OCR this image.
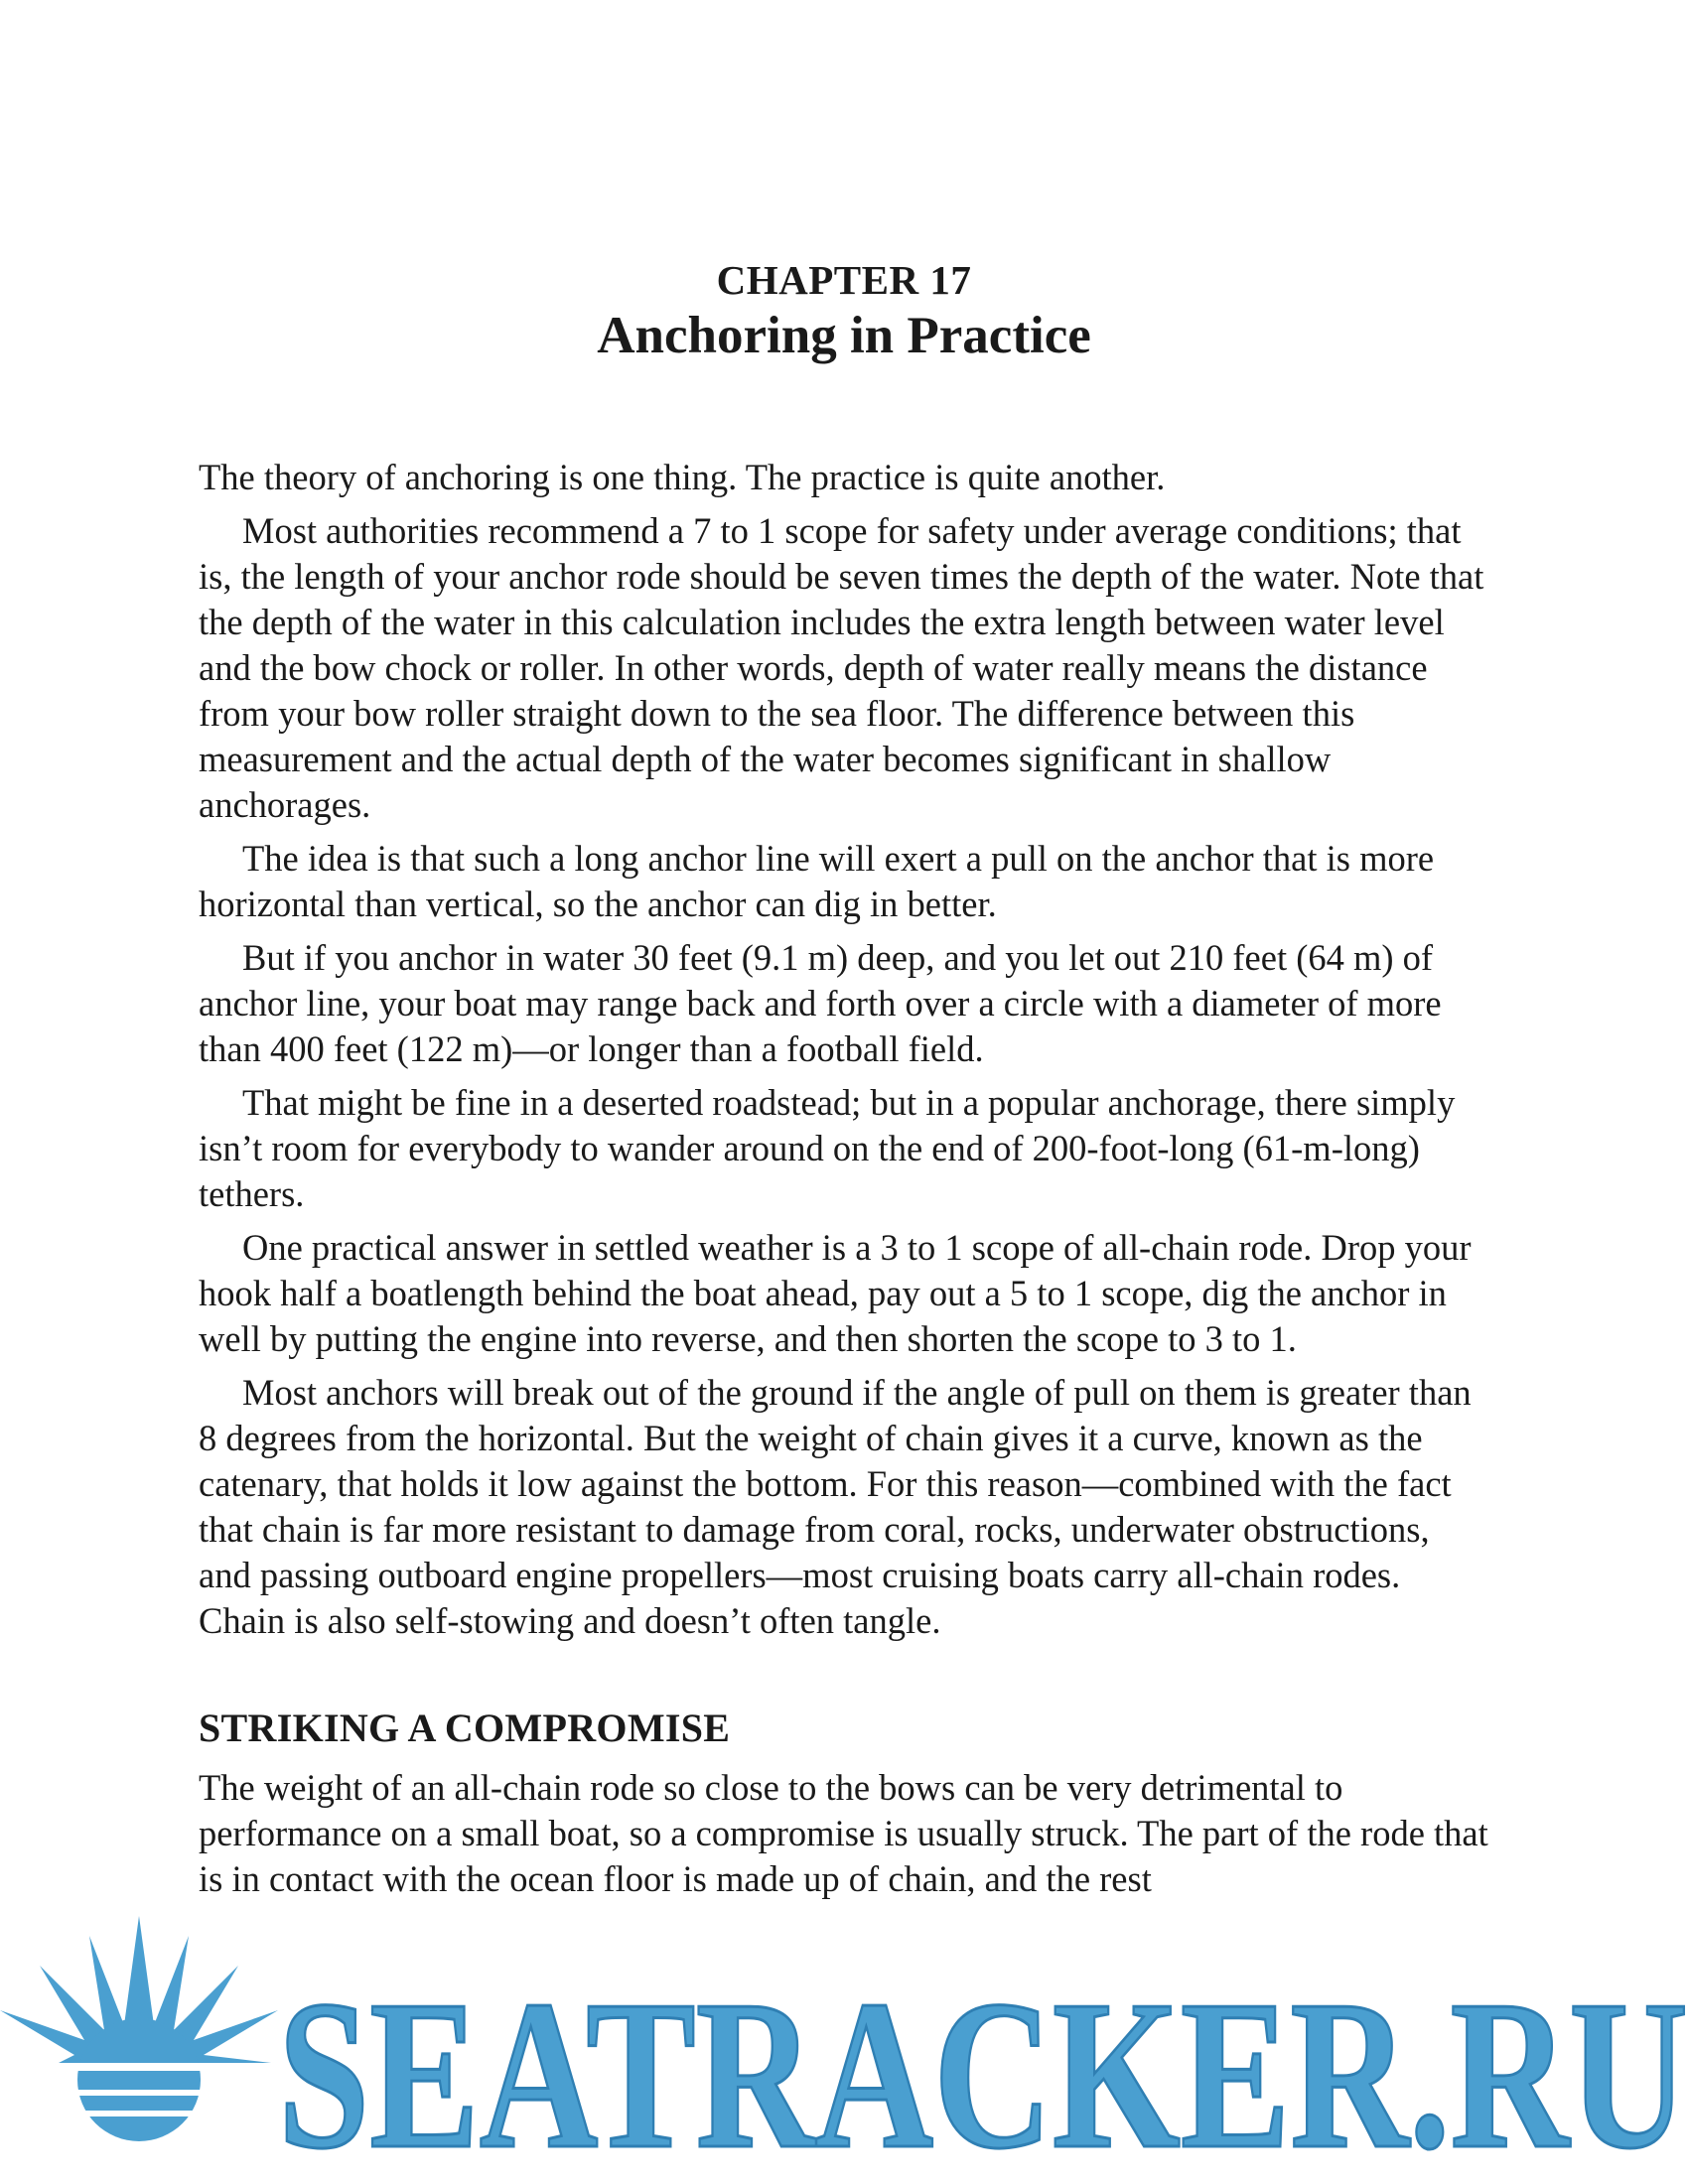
CHAPTER 17
Anchoring in Practice

The theory of anchoring is one thing. The practice is quite another.

Most authorities recommend a 7 to 1 scope for safety under average conditions; that is, the length of your anchor rode should be seven times the depth of the water. Note that the depth of the water in this calculation includes the extra length between water level and the bow chock or roller. In other words, depth of water really means the distance from your bow roller straight down to the sea floor. The difference between this measurement and the actual depth of the water becomes significant in shallow anchorages.

The idea is that such a long anchor line will exert a pull on the anchor that is more horizontal than vertical, so the anchor can dig in better.

But if you anchor in water 30 feet (9.1 m) deep, and you let out 210 feet (64 m) of anchor line, your boat may range back and forth over a circle with a diameter of more than 400 feet (122 m)—or longer than a football field.

That might be fine in a deserted roadstead; but in a popular anchorage, there simply isn’t room for everybody to wander around on the end of 200-foot-long (61-m-long) tethers.

One practical answer in settled weather is a 3 to 1 scope of all-chain rode. Drop your hook half a boatlength behind the boat ahead, pay out a 5 to 1 scope, dig the anchor in well by putting the engine into reverse, and then shorten the scope to 3 to 1.

Most anchors will break out of the ground if the angle of pull on them is greater than 8 degrees from the horizontal. But the weight of chain gives it a curve, known as the catenary, that holds it low against the bottom. For this reason—combined with the fact that chain is far more resistant to damage from coral, rocks, underwater obstructions, and passing outboard engine propellers—most cruising boats carry all-chain rodes. Chain is also self-stowing and doesn’t often tangle.

STRIKING A COMPROMISE

The weight of an all-chain rode so close to the bows can be very detrimental to performance on a small boat, so a compromise is usually struck. The part of the rode that is in contact with the ocean floor is made up of chain, and the rest

SEATRACKER.RU
